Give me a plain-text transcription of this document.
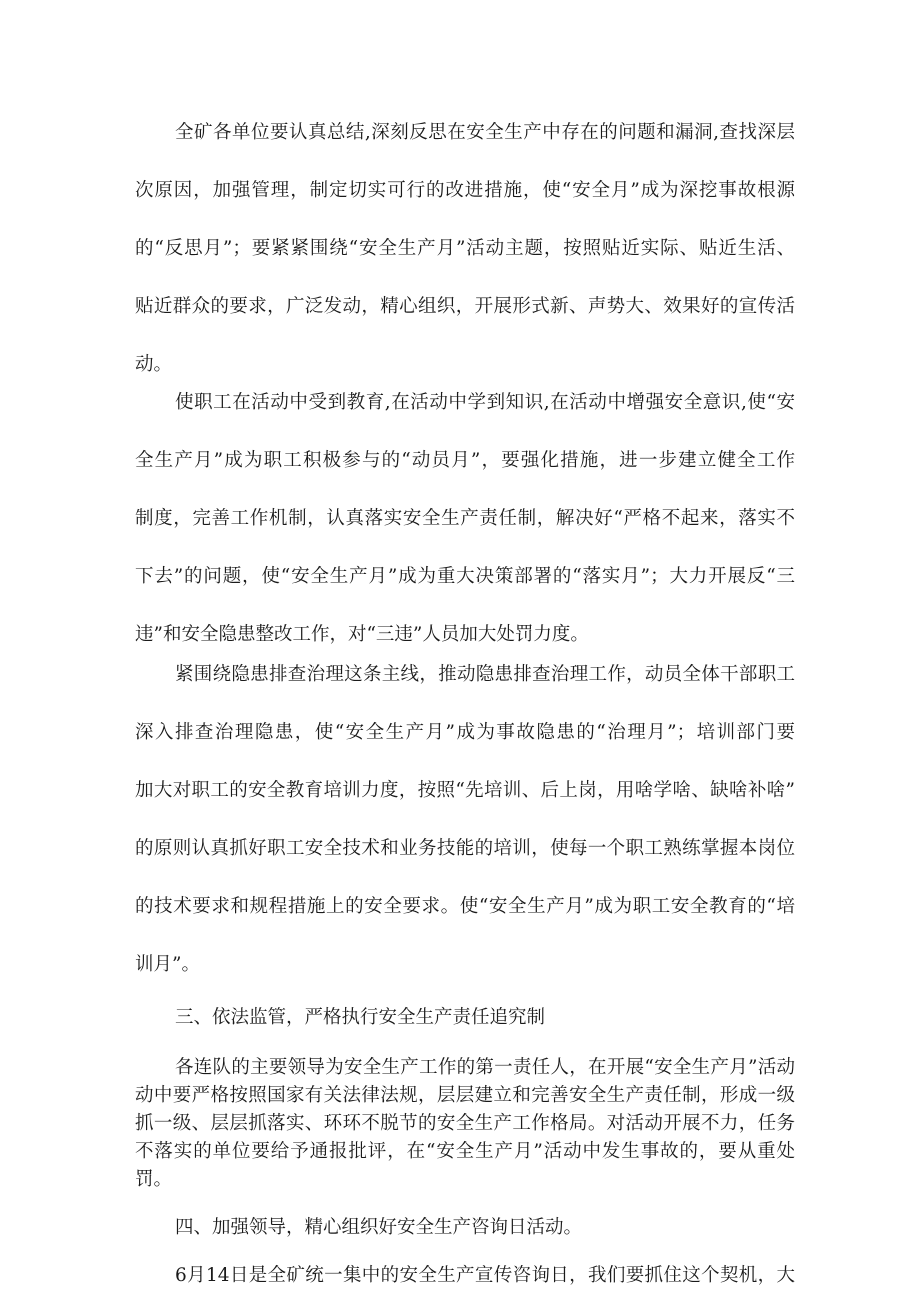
全矿各单位要认真总结,深刻反思在安全生产中存在的问题和漏洞,查找深层
次原因，加强管理，制定切实可行的改进措施，使“安全月”成为深挖事故根源
的“反思月”；要紧紧围绕“安全生产月”活动主题，按照贴近实际、贴近生活、
贴近群众的要求，广泛发动，精心组织，开展形式新、声势大、效果好的宣传活
动。
使职工在活动中受到教育,在活动中学到知识,在活动中增强安全意识,使“安
全生产月”成为职工积极参与的“动员月”，要强化措施，进一步建立健全工作
制度，完善工作机制，认真落实安全生产责任制，解决好“严格不起来，落实不
下去”的问题，使“安全生产月”成为重大决策部署的“落实月”；大力开展反“三
违”和安全隐患整改工作，对“三违”人员加大处罚力度。
紧围绕隐患排查治理这条主线，推动隐患排查治理工作，动员全体干部职工
深入排查治理隐患，使“安全生产月”成为事故隐患的“治理月”；培训部门要
加大对职工的安全教育培训力度，按照“先培训、后上岗，用啥学啥、缺啥补啥”
的原则认真抓好职工安全技术和业务技能的培训，使每一个职工熟练掌握本岗位
的技术要求和规程措施上的安全要求。使“安全生产月”成为职工安全教育的“培
训月”。
三、依法监管，严格执行安全生产责任追究制
各连队的主要领导为安全生产工作的第一责任人，在开展“安全生产月”活动
动中要严格按照国家有关法律法规，层层建立和完善安全生产责任制，形成一级
抓一级、层层抓落实、环环不脱节的安全生产工作格局。对活动开展不力，任务
不落实的单位要给予通报批评，在“安全生产月”活动中发生事故的，要从重处
罚。
四、加强领导，精心组织好安全生产咨询日活动。
6月14日是全矿统一集中的安全生产宣传咨询日，我们要抓住这个契机，大
